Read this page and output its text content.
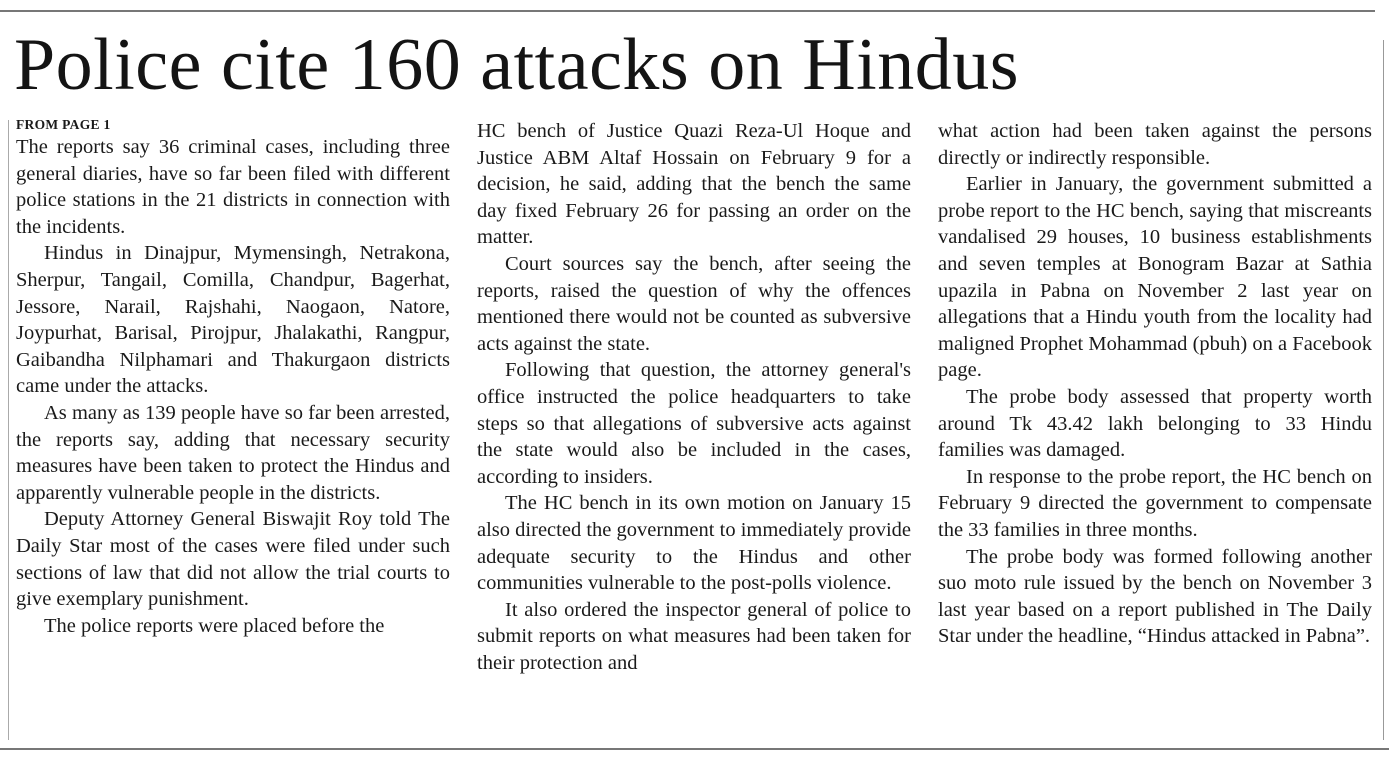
Police cite 160 attacks on Hindus
FROM PAGE 1

The reports say 36 criminal cases, including three general diaries, have so far been filed with different police stations in the 21 districts in connection with the incidents.

Hindus in Dinajpur, Mymensingh, Netrakona, Sherpur, Tangail, Comilla, Chandpur, Bagerhat, Jessore, Narail, Rajshahi, Naogaon, Natore, Joypurhat, Barisal, Pirojpur, Jhalakathi, Rangpur, Gaibandha Nilphamari and Thakurgaon districts came under the attacks.

As many as 139 people have so far been arrested, the reports say, adding that necessary security measures have been taken to protect the Hindus and apparently vulnerable people in the districts.

Deputy Attorney General Biswajit Roy told The Daily Star most of the cases were filed under such sections of law that did not allow the trial courts to give exemplary punishment.

The police reports were placed before the

HC bench of Justice Quazi Reza-Ul Hoque and Justice ABM Altaf Hossain on February 9 for a decision, he said, adding that the bench the same day fixed February 26 for passing an order on the matter.

Court sources say the bench, after seeing the reports, raised the question of why the offences mentioned there would not be counted as subversive acts against the state.

Following that question, the attorney general's office instructed the police headquarters to take steps so that allegations of subversive acts against the state would also be included in the cases, according to insiders.

The HC bench in its own motion on January 15 also directed the government to immediately provide adequate security to the Hindus and other communities vulnerable to the post-polls violence.

It also ordered the inspector general of police to submit reports on what measures had been taken for their protection and

what action had been taken against the persons directly or indirectly responsible.

Earlier in January, the government submitted a probe report to the HC bench, saying that miscreants vandalised 29 houses, 10 business establishments and seven temples at Bonogram Bazar at Sathia upazila in Pabna on November 2 last year on allegations that a Hindu youth from the locality had maligned Prophet Mohammad (pbuh) on a Facebook page.

The probe body assessed that property worth around Tk 43.42 lakh belonging to 33 Hindu families was damaged.

In response to the probe report, the HC bench on February 9 directed the government to compensate the 33 families in three months.

The probe body was formed following another suo moto rule issued by the bench on November 3 last year based on a report published in The Daily Star under the headline, “Hindus attacked in Pabna”.
